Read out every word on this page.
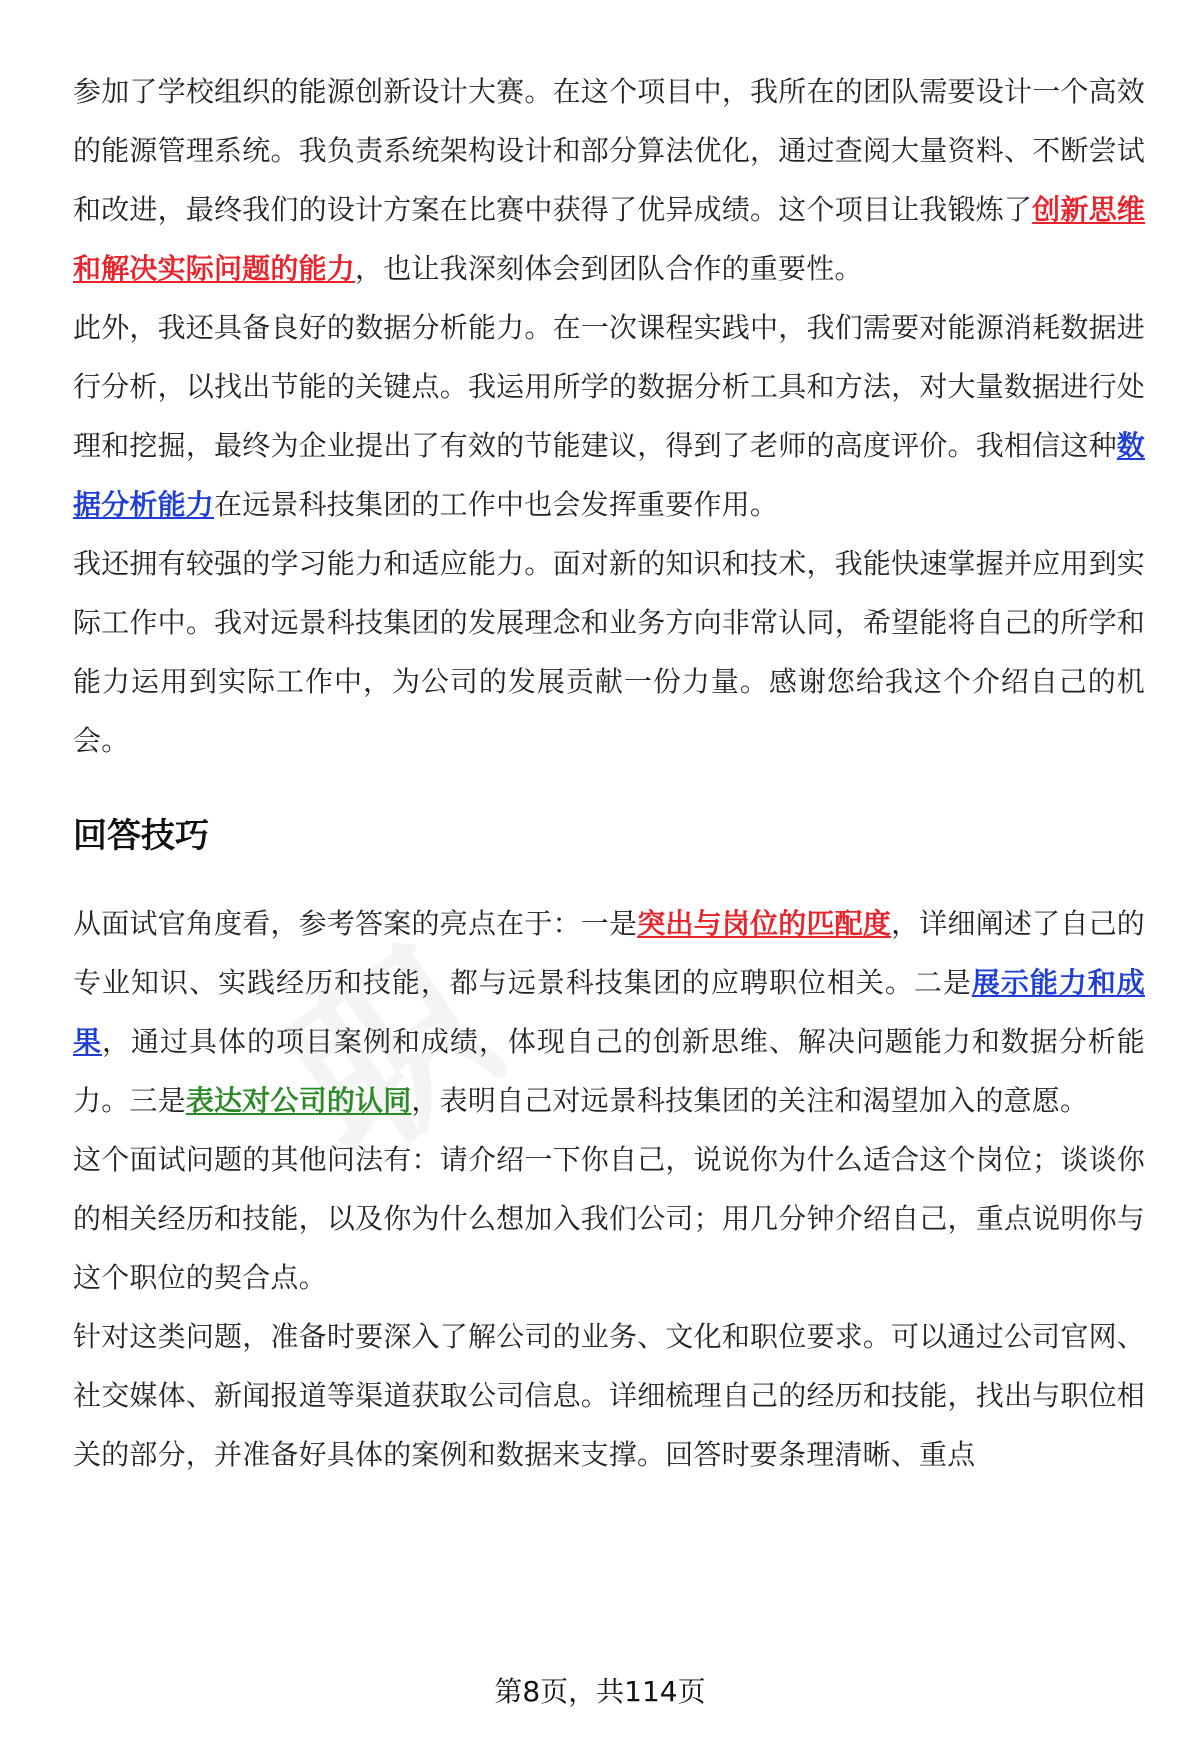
参加了学校组织的能源创新设计大赛。在这个项目中，我所在的团队需要设计一个高效的能源管理系统。我负责系统架构设计和部分算法优化，通过查阅大量资料、不断尝试和改进，最终我们的设计方案在比赛中获得了优异成绩。这个项目让我锻炼了创新思维和解决实际问题的能力，也让我深刻体会到团队合作的重要性。

此外，我还具备良好的数据分析能力。在一次课程实践中，我们需要对能源消耗数据进行分析，以找出节能的关键点。我运用所学的数据分析工具和方法，对大量数据进行处理和挖掘，最终为企业提出了有效的节能建议，得到了老师的高度评价。我相信这种数据分析能力在远景科技集团的工作中也会发挥重要作用。

我还拥有较强的学习能力和适应能力。面对新的知识和技术，我能快速掌握并应用到实际工作中。我对远景科技集团的发展理念和业务方向非常认同，希望能将自己的所学和能力运用到实际工作中，为公司的发展贡献一份力量。感谢您给我这个介绍自己的机会。

回答技巧

从面试官角度看，参考答案的亮点在于：一是突出与岗位的匹配度，详细阐述了自己的专业知识、实践经历和技能，都与远景科技集团的应聘职位相关。二是展示能力和成果，通过具体的项目案例和成绩，体现自己的创新思维、解决问题能力和数据分析能力。三是表达对公司的认同，表明自己对远景科技集团的关注和渴望加入的意愿。

这个面试问题的其他问法有：请介绍一下你自己，说说你为什么适合这个岗位；谈谈你的相关经历和技能，以及你为什么想加入我们公司；用几分钟介绍自己，重点说明你与这个职位的契合点。

针对这类问题，准备时要深入了解公司的业务、文化和职位要求。可以通过公司官网、社交媒体、新闻报道等渠道获取公司信息。详细梳理自己的经历和技能，找出与职位相关的部分，并准备好具体的案例和数据来支撑。回答时要条理清晰、重点

第8页，共114页
